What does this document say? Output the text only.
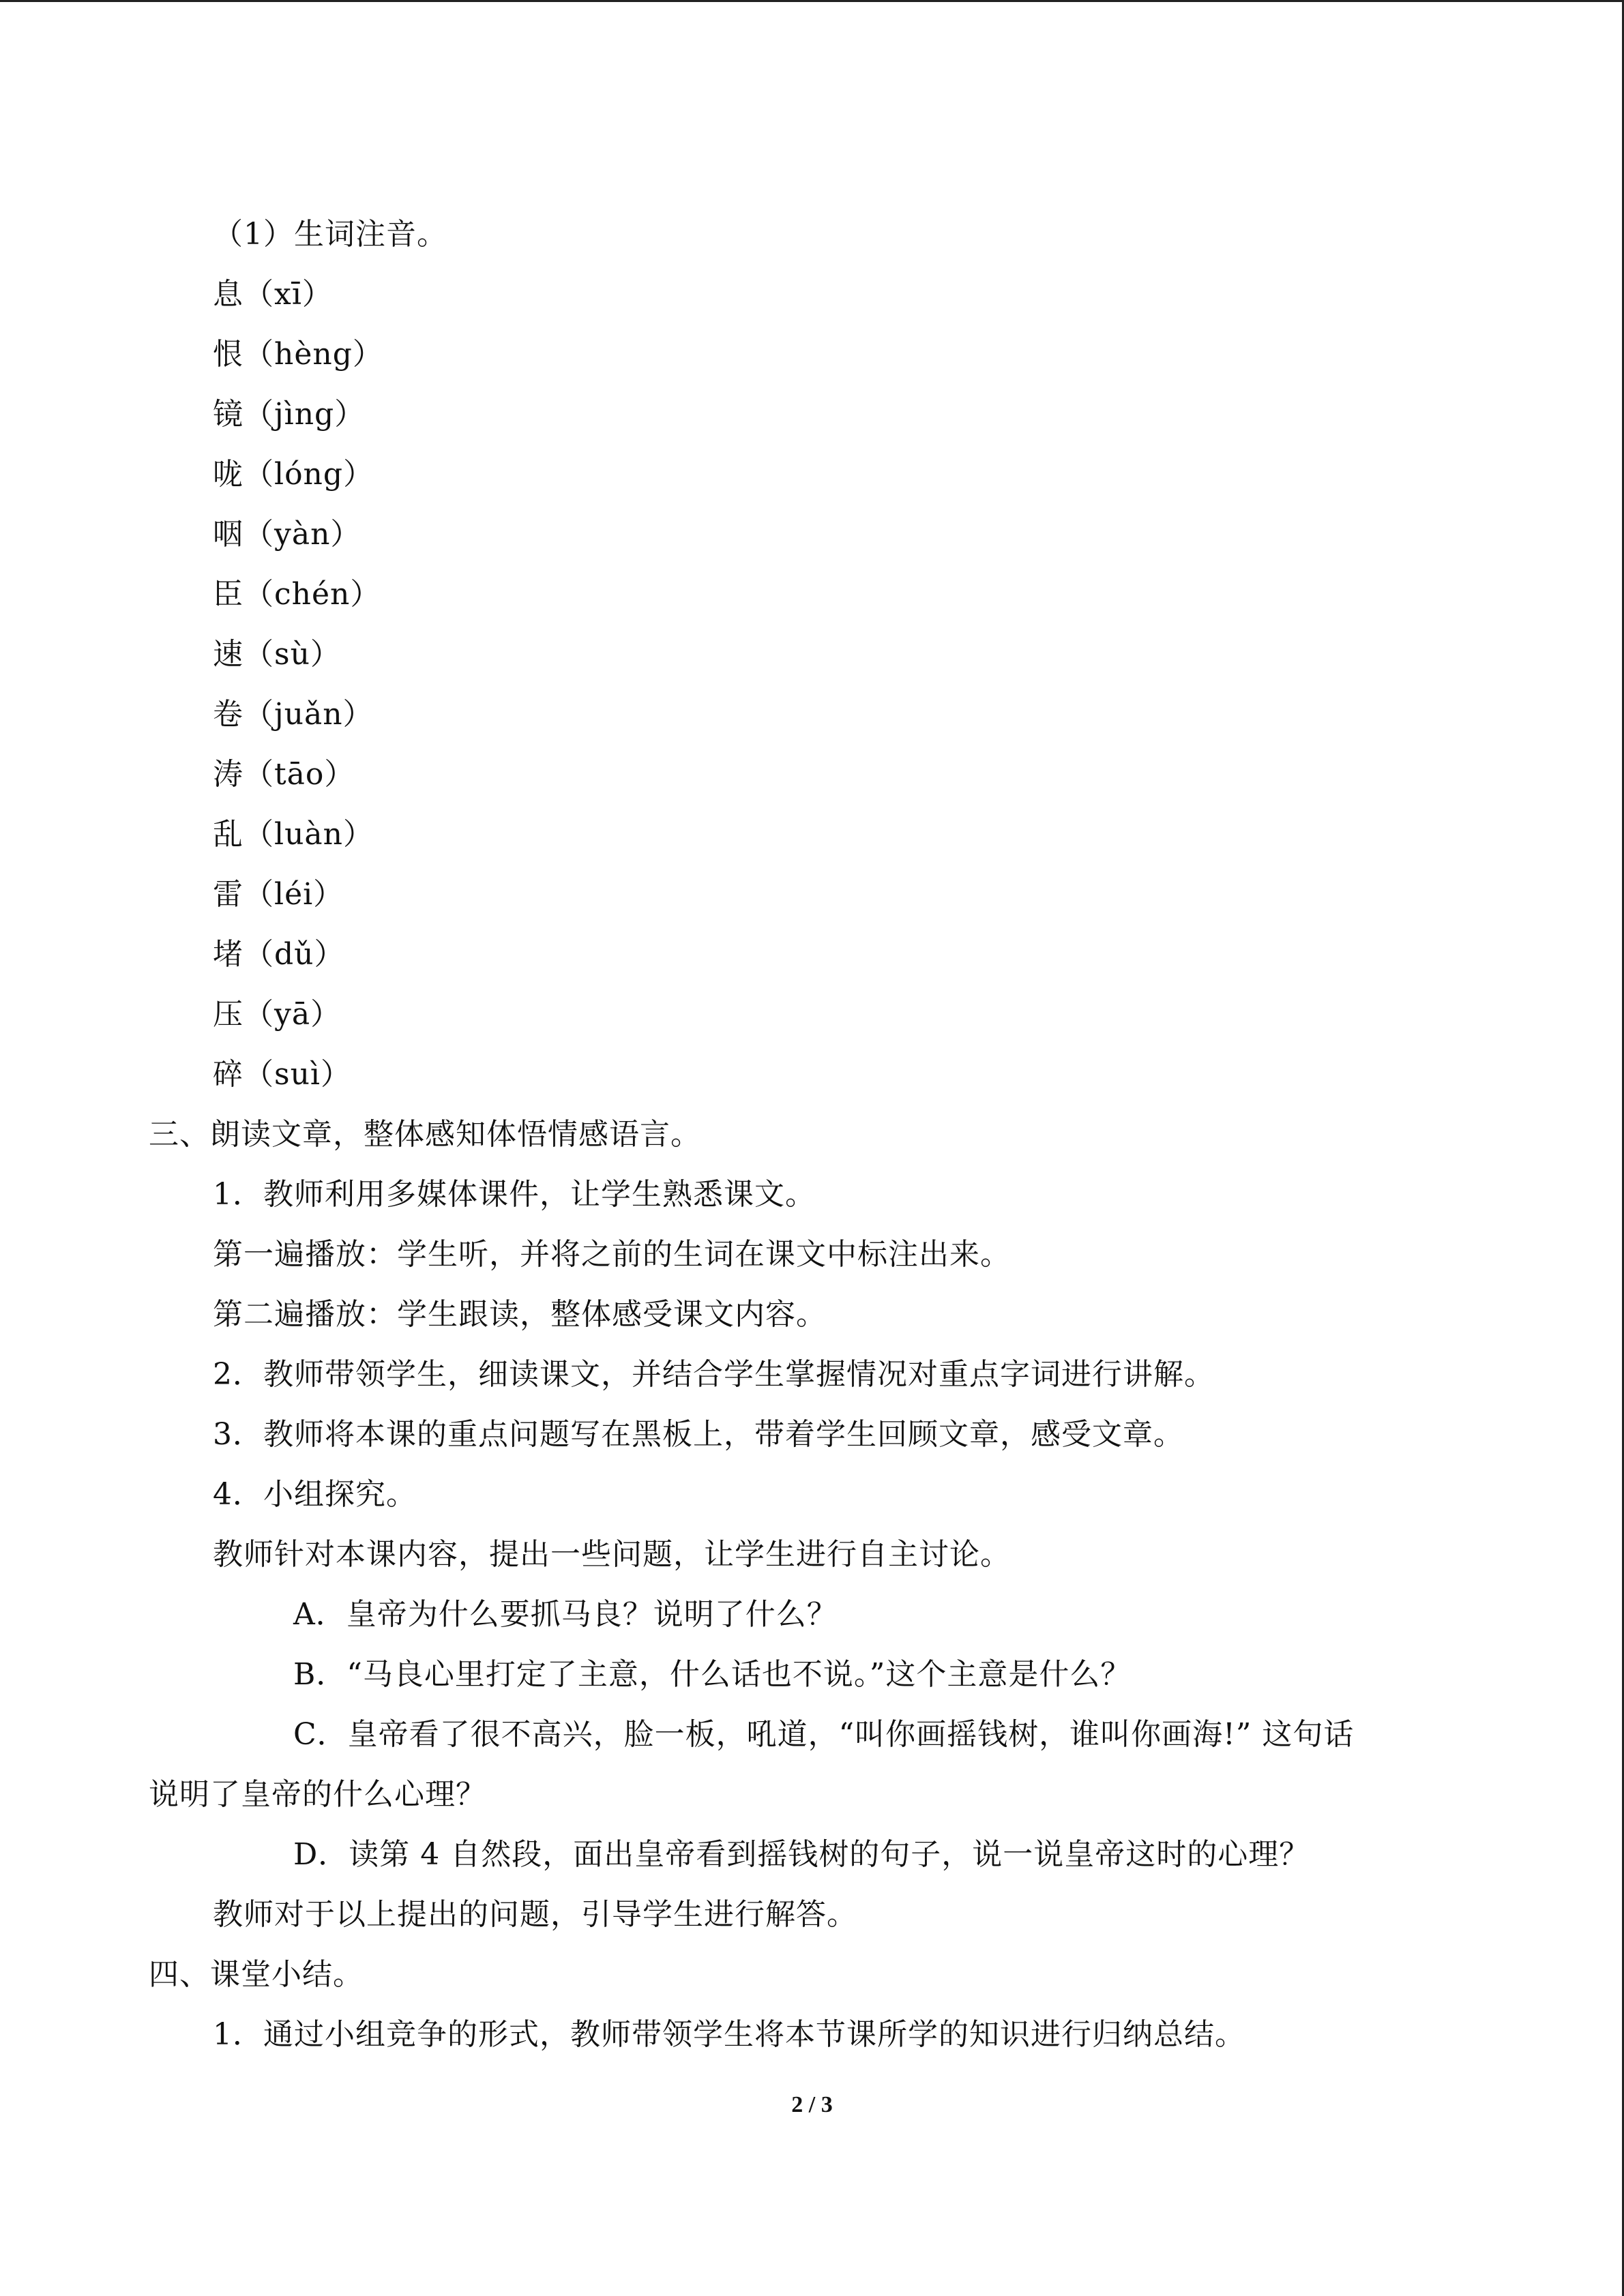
（1）生词注音。
息（xī）
恨（hèng）
镜（jìng）
咙（lóng）
咽（yàn）
臣（chén）
速（sù）
卷（juǎn）
涛（tāo）
乱（luàn）
雷（léi）
堵（dǔ）
压（yā）
碎（suì）
三、朗读文章，整体感知体悟情感语言。
1．教师利用多媒体课件，让学生熟悉课文。
第一遍播放：学生听，并将之前的生词在课文中标注出来。
第二遍播放：学生跟读，整体感受课文内容。
2．教师带领学生，细读课文，并结合学生掌握情况对重点字词进行讲解。
3．教师将本课的重点问题写在黑板上，带着学生回顾文章，感受文章。
4．小组探究。
教师针对本课内容，提出一些问题，让学生进行自主讨论。
A．皇帝为什么要抓马良？说明了什么？
B．“马良心里打定了主意，什么话也不说。”这个主意是什么？
C．皇帝看了很不高兴，脸一板，吼道，“叫你画摇钱树，谁叫你画海!” 这句话
说明了皇帝的什么心理？
D．读第 4 自然段，面出皇帝看到摇钱树的句子，说一说皇帝这时的心理？
教师对于以上提出的问题，引导学生进行解答。
四、课堂小结。
1．通过小组竞争的形式，教师带领学生将本节课所学的知识进行归纳总结。
2 / 3
